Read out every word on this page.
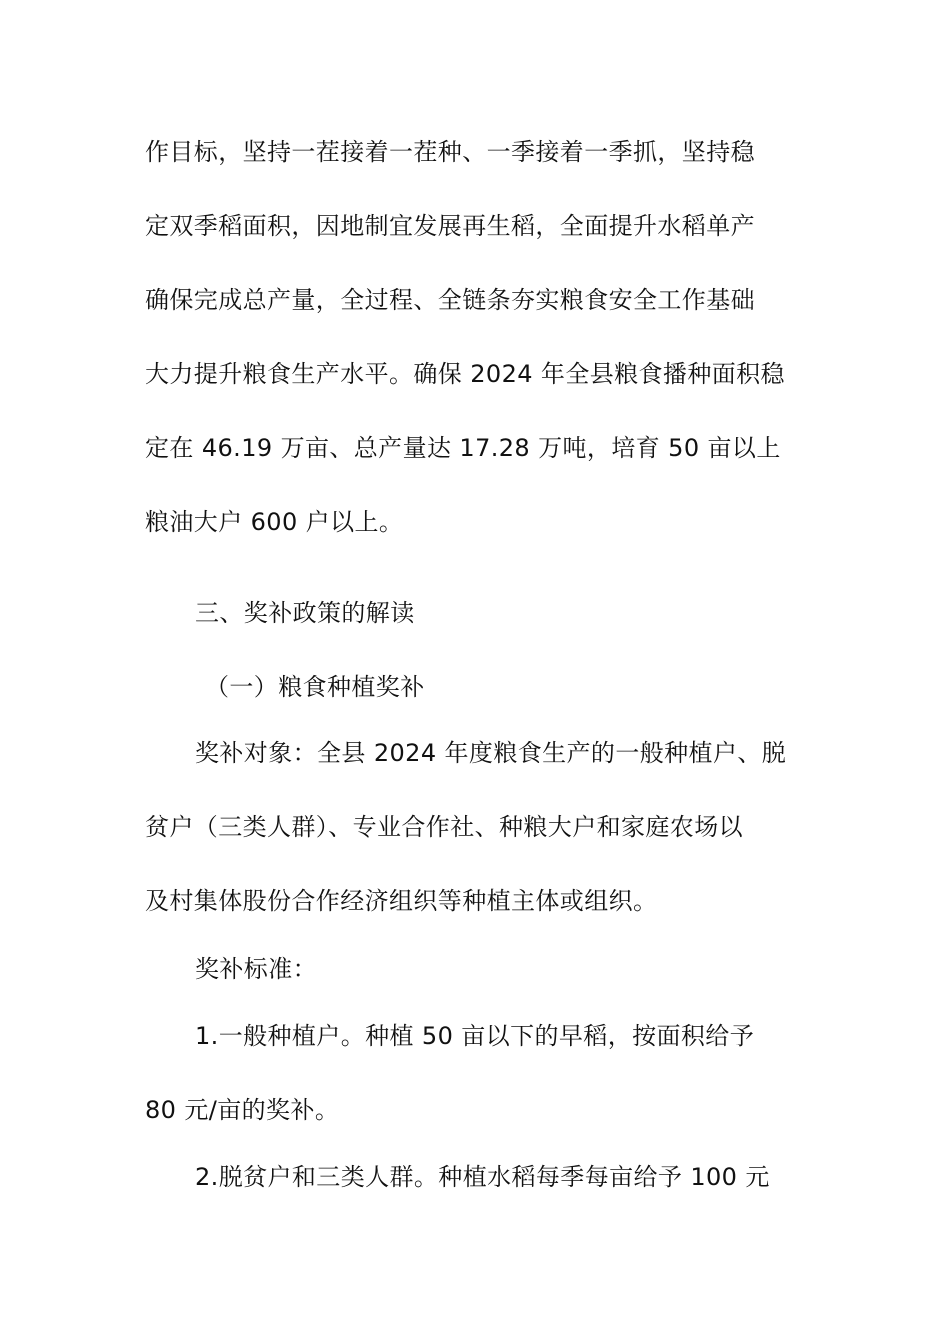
作目标，坚持一茬接着一茬种、一季接着一季抓，坚持稳
定双季稻面积，因地制宜发展再生稻，全面提升水稻单产
确保完成总产量，全过程、全链条夯实粮食安全工作基础
大力提升粮食生产水平。确保 2024 年全县粮食播种面积稳
定在 46.19 万亩、总产量达 17.28 万吨，培育 50 亩以上
粮油大户 600 户以上。
三、奖补政策的解读
（一）粮食种植奖补
奖补对象：全县 2024 年度粮食生产的一般种植户、脱
贫户（三类人群）、专业合作社、种粮大户和家庭农场以
及村集体股份合作经济组织等种植主体或组织。
奖补标准：
1.一般种植户。种植 50 亩以下的早稻，按面积给予
80 元/亩的奖补。
2.脱贫户和三类人群。种植水稻每季每亩给予 100 元
